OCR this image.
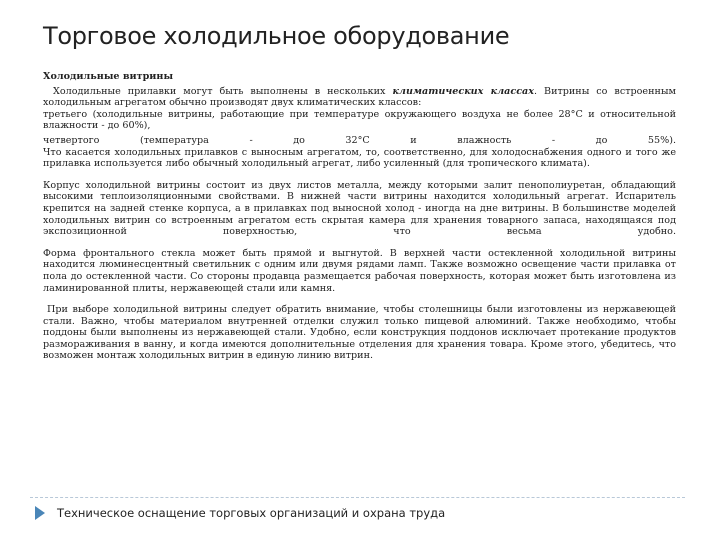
Торговое холодильное оборудование
Холодильные витрины

Холодильные прилавки могут быть выполнены в нескольких климатических классах. Витрины со встроенным холодильным агрегатом обычно производят двух климатических классов:

третьего (холодильные витрины, работающие при температуре окружающего воздуха не более 28°С и относительной влажности - до 60%),

четвертого (температура - до 32°С и влажность - до 55%).

Что касается холодильных прилавков с выносным агрегатом, то, соответственно, для холодоснабжения одного и того же прилавка используется либо обычный холодильный агрегат, либо усиленный (для тропического климата).

Корпус холодильной витрины состоит из двух листов металла, между которыми залит пенополиуретан, обладающий высокими теплоизоляционными свойствами. В нижней части витрины находится холодильный агрегат. Испаритель крепится на задней стенке корпуса, а в прилавках под выносной холод - иногда на дне витрины. В большинстве моделей холодильных витрин со встроенным агрегатом есть скрытая камера для хранения товарного запаса, находящаяся под экспозиционной поверхностью, что весьма удобно.

Форма фронтального стекла может быть прямой и выгнутой. В верхней части остекленной холодильной витрины находится люминесцентный светильник с одним или двумя рядами ламп. Также возможно освещение части прилавка от пола до остекленной части. Со стороны продавца размещается рабочая поверхность, которая может быть изготовлена из ламинированной плиты, нержавеющей стали или камня.

При выборе холодильной витрины следует обратить внимание, чтобы столешницы были изготовлены из нержавеющей стали. Важно, чтобы материалом внутренней отделки служил только пищевой алюминий. Также необходимо, чтобы поддоны были выполнены из нержавеющей стали. Удобно, если конструкция поддонов исключает протекание продуктов размораживания в ванну, и когда имеются дополнительные отделения для хранения товара. Кроме этого, убедитесь, что возможен монтаж холодильных витрин в единую линию витрин.

Техническое оснащение торговых организаций и охрана труда
